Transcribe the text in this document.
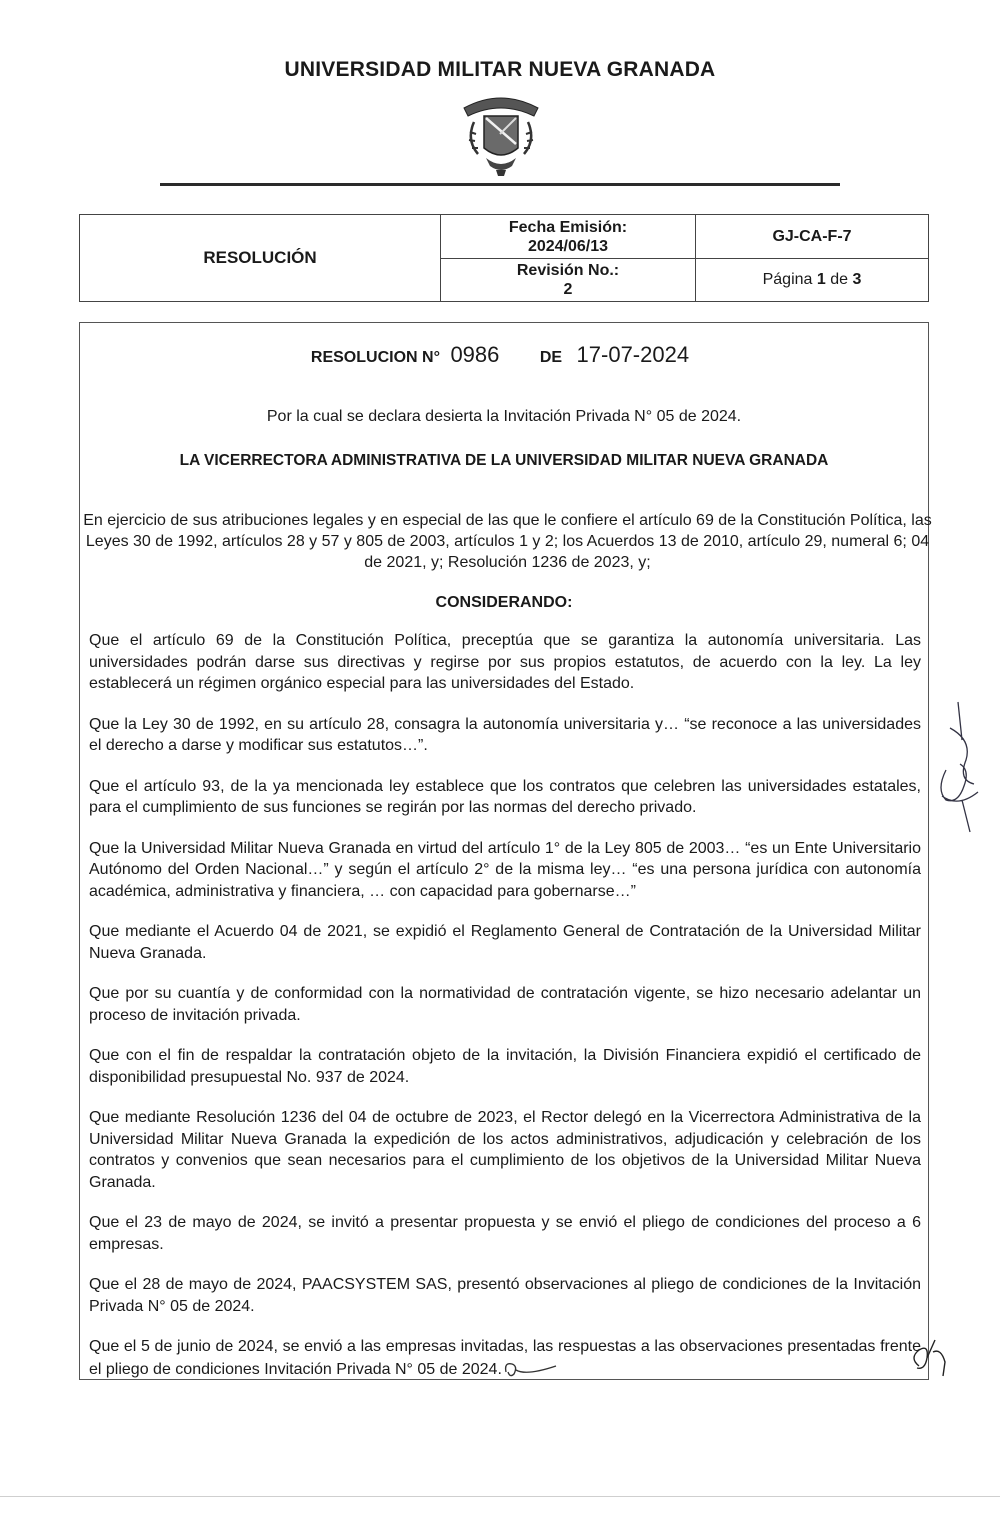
UNIVERSIDAD MILITAR NUEVA GRANADA
RESOLUCIÓN
Fecha Emisión:
2024/06/13
Revisión No.:
2
GJ-CA-F-7
Página 1 de 3
RESOLUCION N° 0986	DE 17-07-2024
Por la cual se declara desierta la Invitación Privada N° 05 de 2024.
LA VICERRECTORA ADMINISTRATIVA DE LA UNIVERSIDAD MILITAR NUEVA GRANADA
En ejercicio de sus atribuciones legales y en especial de las que le confiere el artículo 69 de la Constitución Política, las Leyes 30 de 1992, artículos 28 y 57 y 805 de 2003, artículos 1 y 2; los Acuerdos 13 de 2010, artículo 29, numeral 6; 04 de 2021, y; Resolución 1236 de 2023, y;
CONSIDERANDO:

Que el artículo 69 de la Constitución Política, preceptúa que se garantiza la autonomía universitaria. Las universidades podrán darse sus directivas y regirse por sus propios estatutos, de acuerdo con la ley. La ley establecerá un régimen orgánico especial para las universidades del Estado.

Que la Ley 30 de 1992, en su artículo 28, consagra la autonomía universitaria y… “se reconoce a las universidades el derecho a darse y modificar sus estatutos…”.

Que el artículo 93, de la ya mencionada ley establece que los contratos que celebren las universidades estatales, para el cumplimiento de sus funciones se regirán por las normas del derecho privado.

Que la Universidad Militar Nueva Granada en virtud del artículo 1° de la Ley 805 de 2003… “es un Ente Universitario Autónomo del Orden Nacional…” y según el artículo 2° de la misma ley… “es una persona jurídica con autonomía académica, administrativa y financiera, … con capacidad para gobernarse…”

Que mediante el Acuerdo 04 de 2021, se expidió el Reglamento General de Contratación de la Universidad Militar Nueva Granada.

Que por su cuantía y de conformidad con la normatividad de contratación vigente, se hizo necesario adelantar un proceso de invitación privada.

Que con el fin de respaldar la contratación objeto de la invitación, la División Financiera expidió el certificado de disponibilidad presupuestal No. 937 de 2024.

Que mediante Resolución 1236 del 04 de octubre de 2023, el Rector delegó en la Vicerrectora Administrativa de la Universidad Militar Nueva Granada la expedición de los actos administrativos, adjudicación y celebración de los contratos y convenios que sean necesarios para el cumplimiento de los objetivos de la Universidad Militar Nueva Granada.

Que el 23 de mayo de 2024, se invitó a presentar propuesta y se envió el pliego de condiciones del proceso a 6 empresas.

Que el 28 de mayo de 2024, PAACSYSTEM SAS, presentó observaciones al pliego de condiciones de la Invitación Privada N° 05 de 2024.

Que el 5 de junio de 2024, se envió a las empresas invitadas, las respuestas a las observaciones presentadas frente el pliego de condiciones Invitación Privada N° 05 de 2024.
